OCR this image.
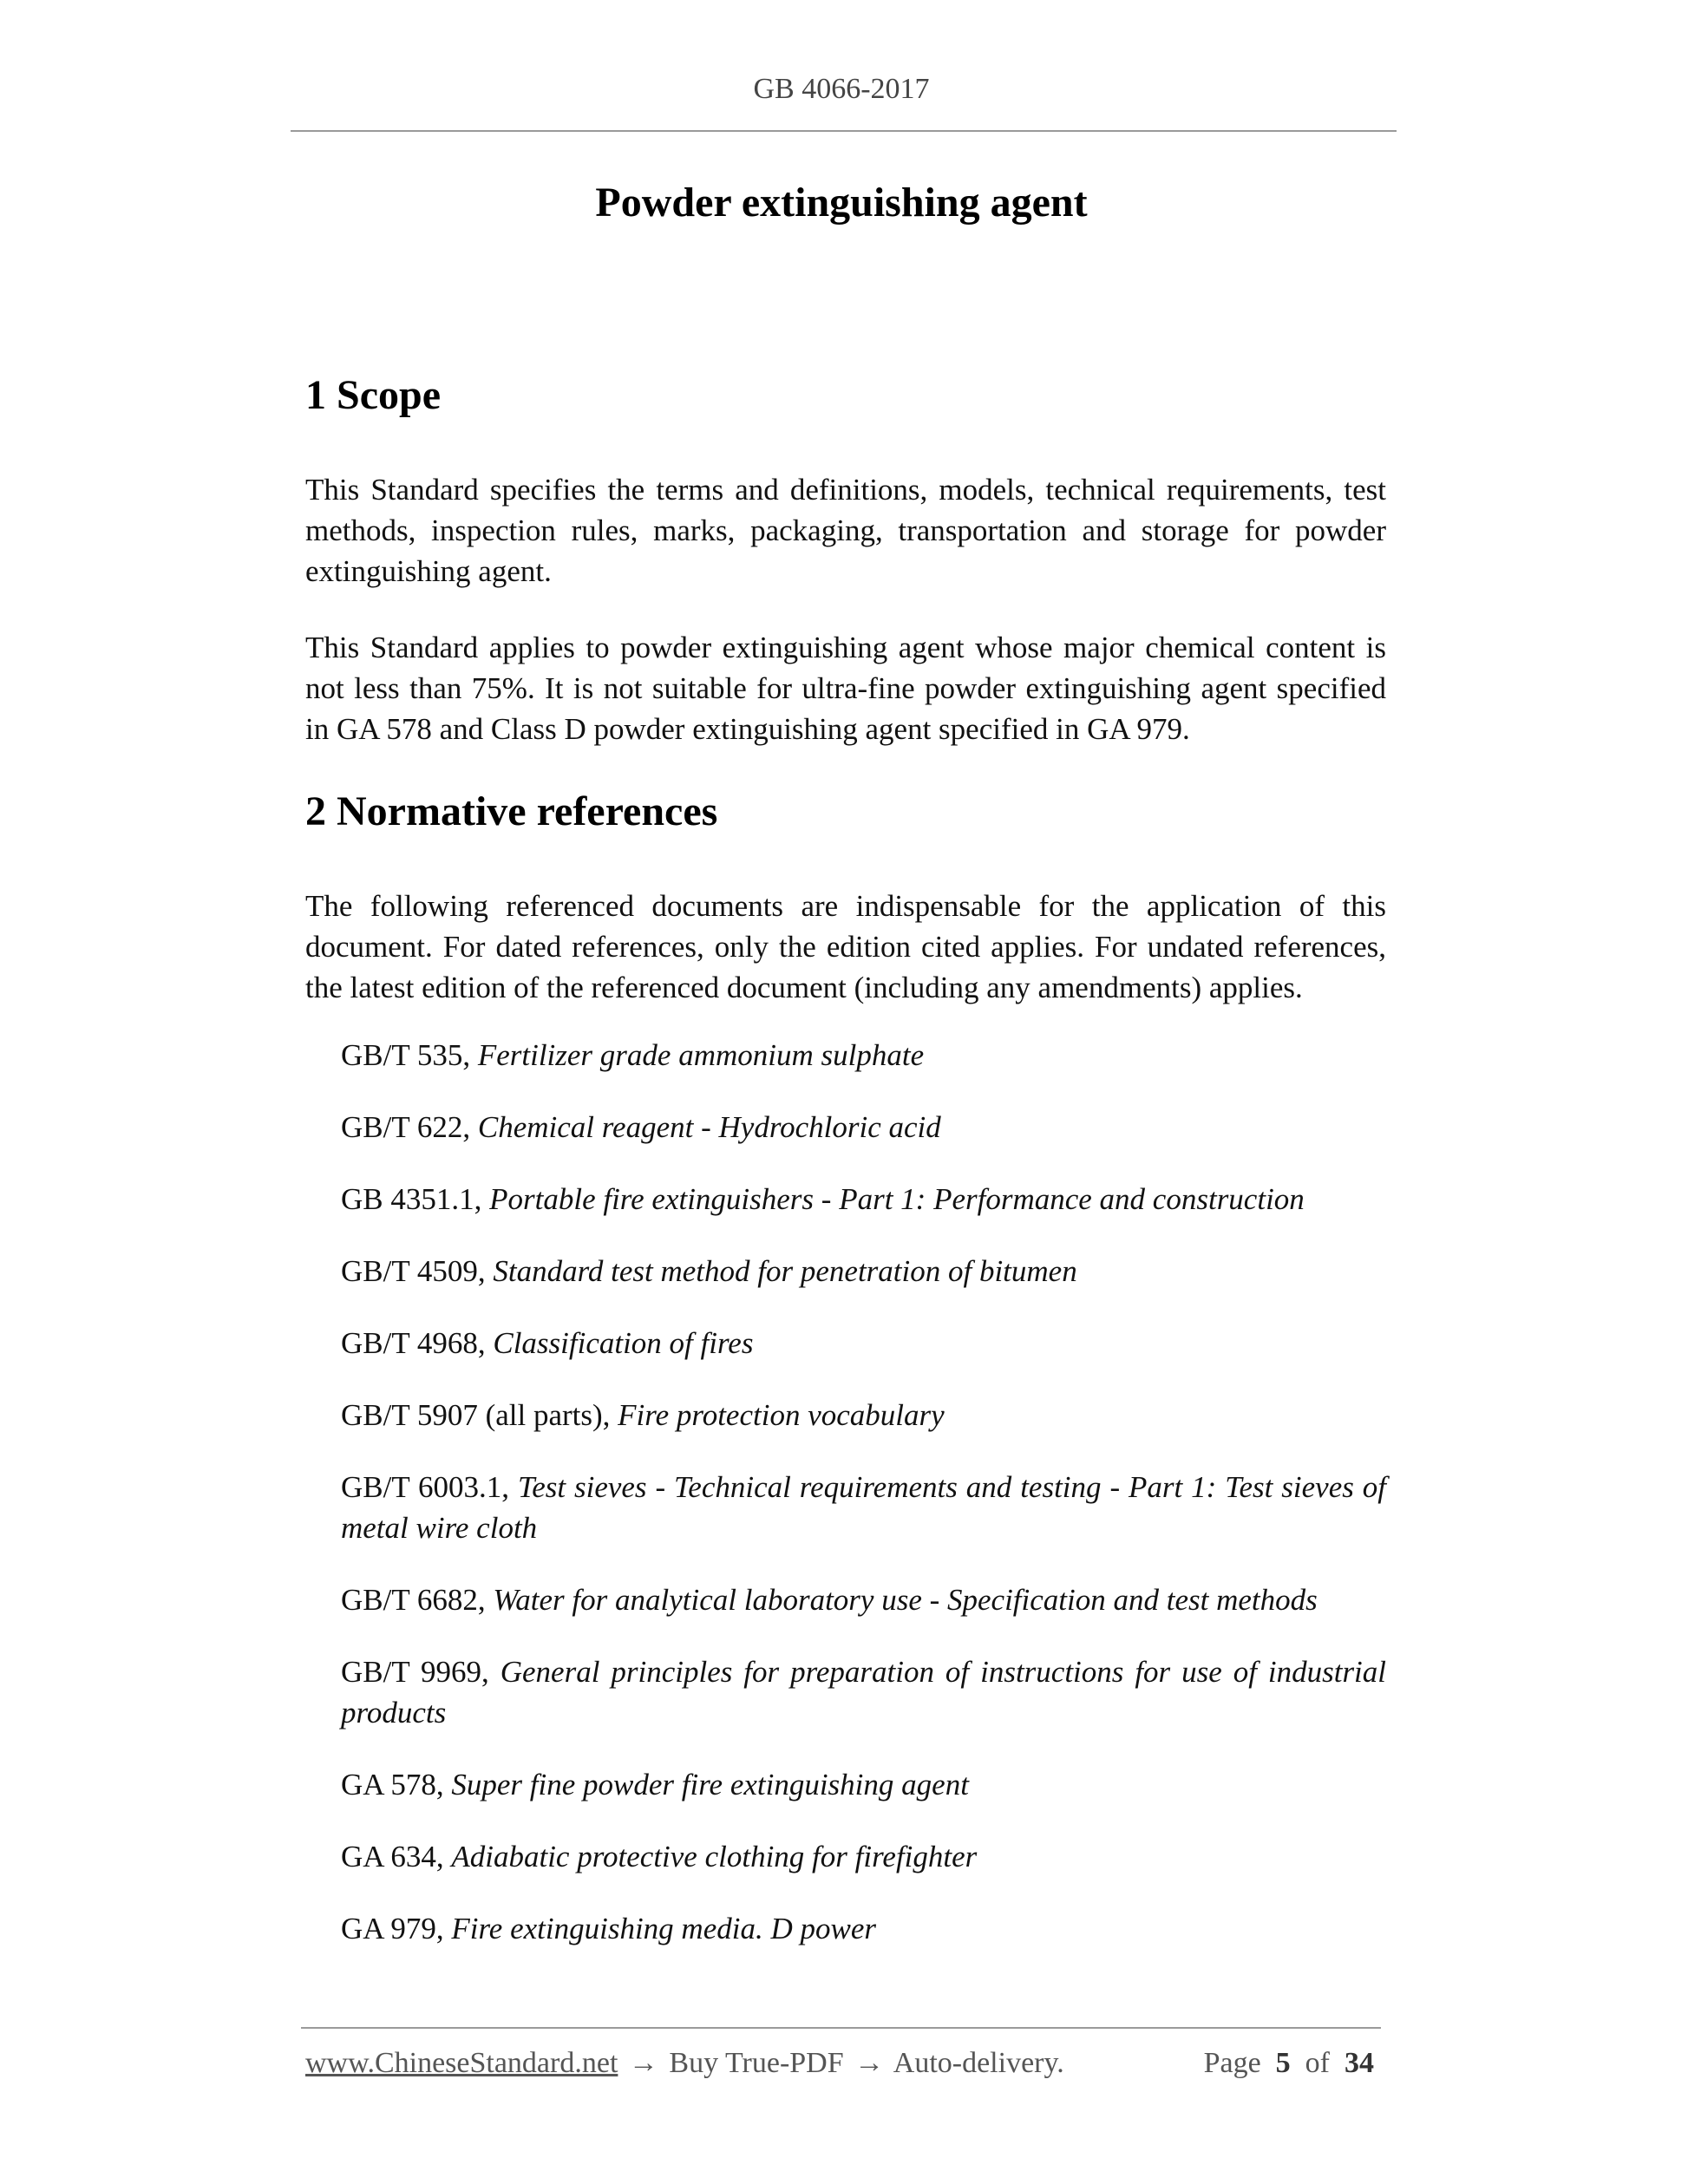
GB 4066-2017
Powder extinguishing agent
1 Scope

This Standard specifies the terms and definitions, models, technical requirements, test methods, inspection rules, marks, packaging, transportation and storage for powder extinguishing agent.

This Standard applies to powder extinguishing agent whose major chemical content is not less than 75%. It is not suitable for ultra-fine powder extinguishing agent specified in GA 578 and Class D powder extinguishing agent specified in GA 979.

2 Normative references

The following referenced documents are indispensable for the application of this document. For dated references, only the edition cited applies. For undated references, the latest edition of the referenced document (including any amendments) applies.

GB/T 535, Fertilizer grade ammonium sulphate
GB/T 622, Chemical reagent - Hydrochloric acid
GB 4351.1, Portable fire extinguishers - Part 1: Performance and construction
GB/T 4509, Standard test method for penetration of bitumen
GB/T 4968, Classification of fires
GB/T 5907 (all parts), Fire protection vocabulary
GB/T 6003.1, Test sieves - Technical requirements and testing - Part 1: Test sieves of metal wire cloth
GB/T 6682, Water for analytical laboratory use - Specification and test methods
GB/T 9969, General principles for preparation of instructions for use of industrial products
GA 578, Super fine powder fire extinguishing agent
GA 634, Adiabatic protective clothing for firefighter
GA 979, Fire extinguishing media. D power
www.ChineseStandard.net → Buy True-PDF → Auto-delivery.	Page 5 of 34
